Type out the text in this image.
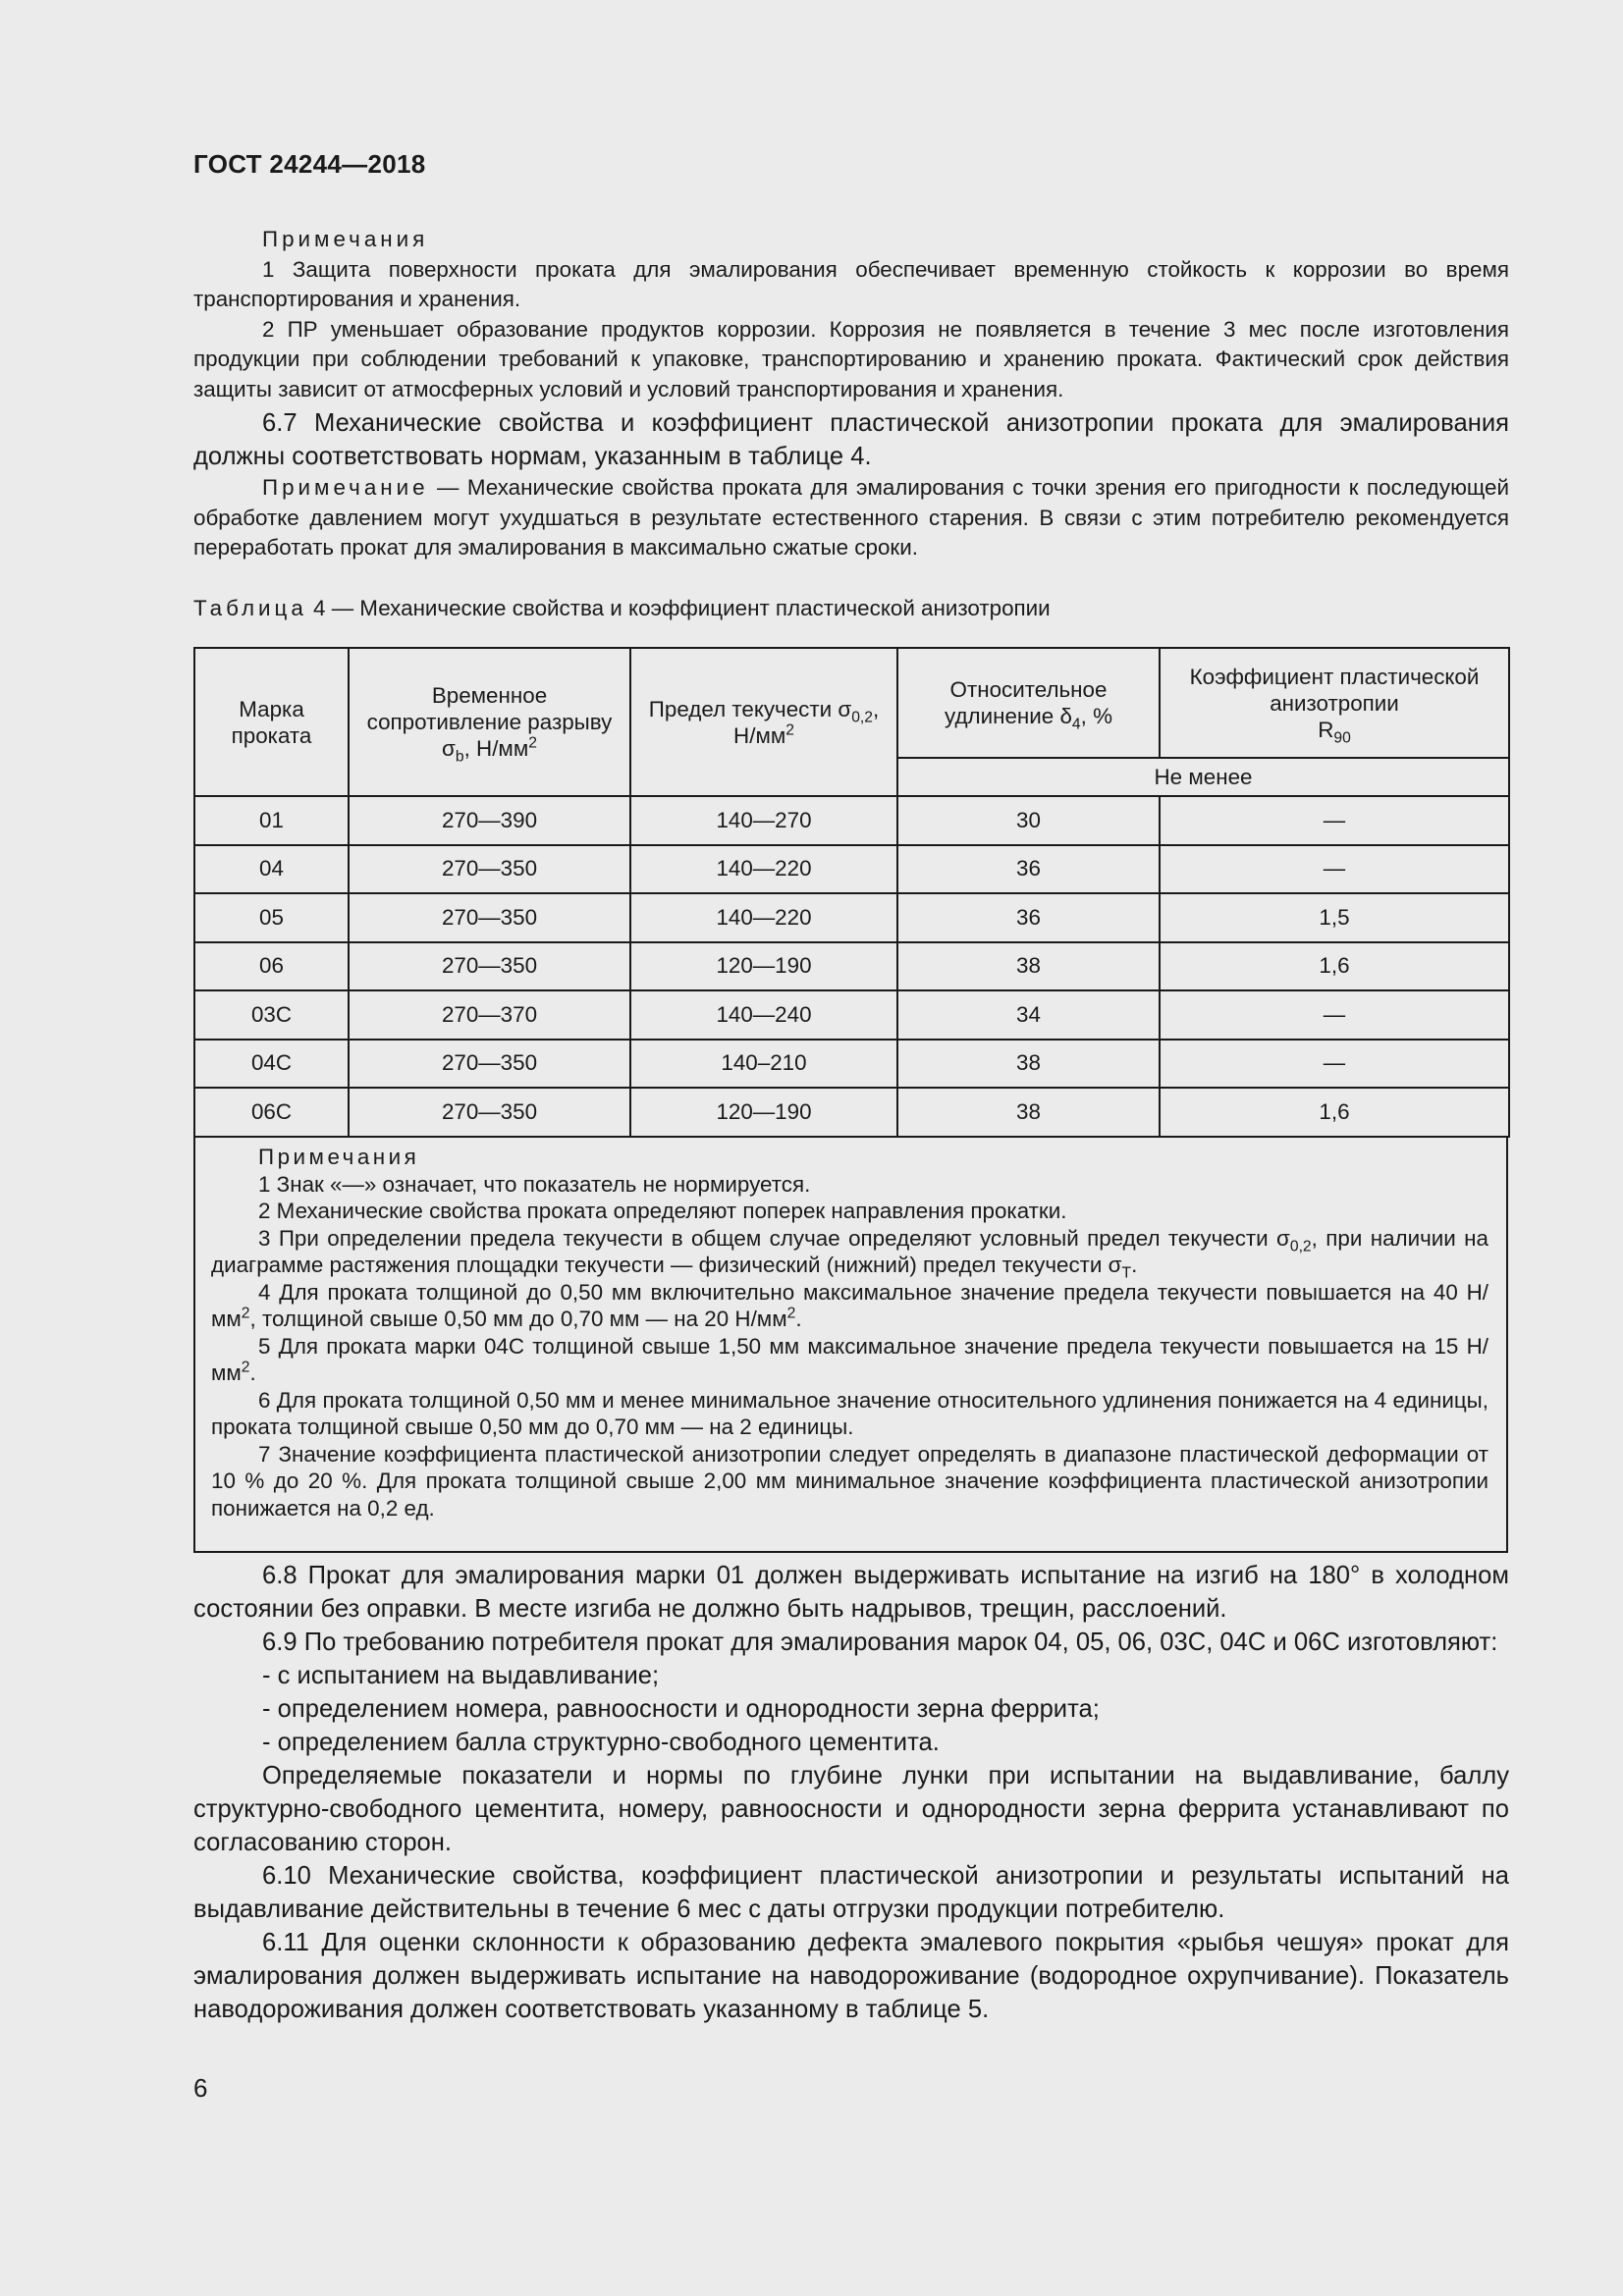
ГОСТ 24244—2018

Примечания

1 Защита поверхности проката для эмалирования обеспечивает временную стойкость к коррозии во время транспортирования и хранения.

2 ПР уменьшает образование продуктов коррозии. Коррозия не появляется в течение 3 мес после изготовления продукции при соблюдении требований к упаковке, транспортированию и хранению проката. Фактический срок действия защиты зависит от атмосферных условий и условий транспортирования и хранения.

6.7 Механические свойства и коэффициент пластической анизотропии проката для эмалирования должны соответствовать нормам, указанным в таблице 4.

Примечание — Механические свойства проката для эмалирования с точки зрения его пригодности к последующей обработке давлением могут ухудшаться в результате естественного старения. В связи с этим потребителю рекомендуется переработать прокат для эмалирования в максимально сжатые сроки.

Таблица 4 — Механические свойства и коэффициент пластической анизотропии
Марка проката	Временное сопротивление разрыву $\sigma_b$, $Н/мм^2$	Предел текучести $\sigma_{0,2}$, $Н/мм^2$	Относительное удлинение $\delta_4$, %	Коэффициент пластической анизотропии
$R_{90}$
			Не менее	
01	270—390	140—270	30	—
04	270—350	140—220	36	—
05	270—350	140—220	36	1,5
06	270—350	120—190	38	1,6
03С	270—370	140—240	34	—
04С	270—350	140–210	38	—
06С	270—350	120—190	38	1,6

Примечания

1 Знак «—» означает, что показатель не нормируется.

2 Механические свойства проката определяют поперек направления прокатки.

3 При определении предела текучести в общем случае определяют условный предел текучести $\sigma_{0,2}$, при наличии на диаграмме растяжения площадки текучести — физический (нижний) предел текучести $\sigma_T$.

4 Для проката толщиной до 0,50 мм включительно максимальное значение предела текучести повышается на 40 $Н/мм^2$, толщиной свыше 0,50 мм до 0,70 мм — на 20 $Н/мм^2$.

5 Для проката марки 04С толщиной свыше 1,50 мм максимальное значение предела текучести повышается на 15 $Н/мм^2$.

6 Для проката толщиной 0,50 мм и менее минимальное значение относительного удлинения понижается на 4 единицы, проката толщиной свыше 0,50 мм до 0,70 мм — на 2 единицы.

7 Значение коэффициента пластической анизотропии следует определять в диапазоне пластической деформации от 10 % до 20 %. Для проката толщиной свыше 2,00 мм минимальное значение коэффициента пластической анизотропии понижается на 0,2 ед.

6.8 Прокат для эмалирования марки 01 должен выдерживать испытание на изгиб на 180° в холодном состоянии без оправки. В месте изгиба не должно быть надрывов, трещин, расслоений.

6.9 По требованию потребителя прокат для эмалирования марок 04, 05, 06, 03С, 04С и 06С изготовляют:

- с испытанием на выдавливание;

- определением номера, равноосности и однородности зерна феррита;

- определением балла структурно-свободного цементита.

Определяемые показатели и нормы по глубине лунки при испытании на выдавливание, баллу структурно-свободного цементита, номеру, равноосности и однородности зерна феррита устанавливают по согласованию сторон.

6.10 Механические свойства, коэффициент пластической анизотропии и результаты испытаний на выдавливание действительны в течение 6 мес с даты отгрузки продукции потребителю.

6.11 Для оценки склонности к образованию дефекта эмалевого покрытия «рыбья чешуя» прокат для эмалирования должен выдерживать испытание на наводороживание (водородное охрупчивание). Показатель наводороживания должен соответствовать указанному в таблице 5.

6
